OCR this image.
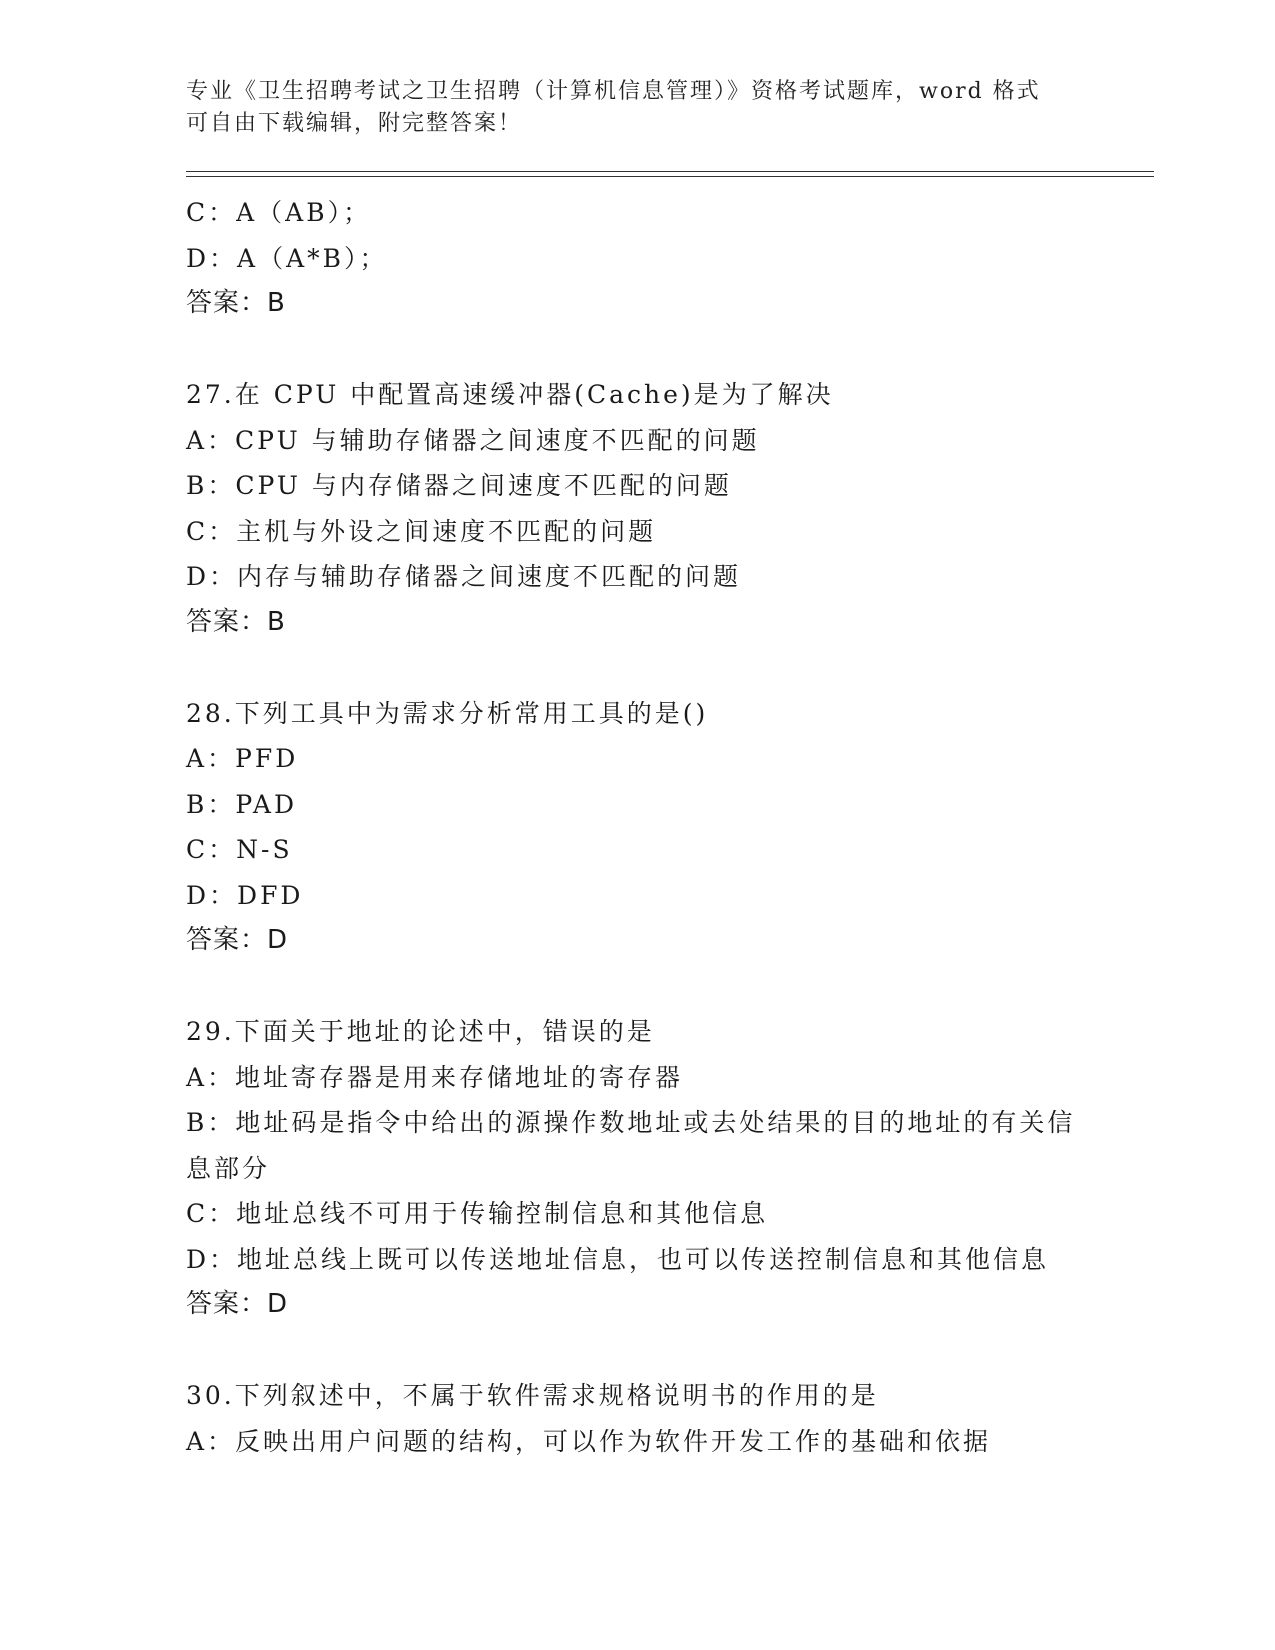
专业《卫生招聘考试之卫生招聘（计算机信息管理）》资格考试题库，word 格式
可自由下载编辑，附完整答案！
C：A（AB）；
D：A（A*B）；
答案：B
27.在 CPU 中配置高速缓冲器(Cache)是为了解决
A：CPU 与辅助存储器之间速度不匹配的问题
B：CPU 与内存储器之间速度不匹配的问题
C：主机与外设之间速度不匹配的问题
D：内存与辅助存储器之间速度不匹配的问题
答案：B
28.下列工具中为需求分析常用工具的是()
A：PFD
B：PAD
C：N-S
D：DFD
答案：D
29.下面关于地址的论述中，错误的是
A：地址寄存器是用来存储地址的寄存器
B：地址码是指令中给出的源操作数地址或去处结果的目的地址的有关信息部分
C：地址总线不可用于传输控制信息和其他信息
D：地址总线上既可以传送地址信息，也可以传送控制信息和其他信息
答案：D
30.下列叙述中，不属于软件需求规格说明书的作用的是
A：反映出用户问题的结构，可以作为软件开发工作的基础和依据
